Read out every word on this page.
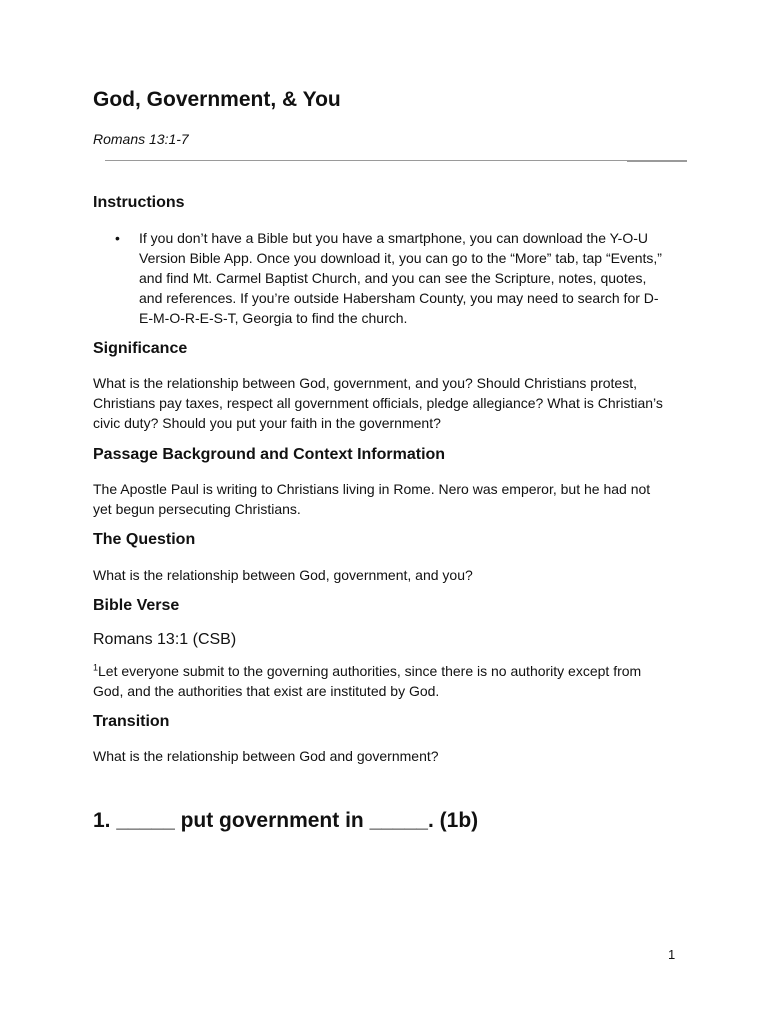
God, Government, & You
Romans 13:1-7
Instructions
• If you don’t have a Bible but you have a smartphone, you can download the Y-O-U Version Bible App. Once you download it, you can go to the “More” tab, tap “Events,” and find Mt. Carmel Baptist Church, and you can see the Scripture, notes, quotes, and references. If you’re outside Habersham County, you may need to search for D-E-M-O-R-E-S-T, Georgia to find the church.

Significance

What is the relationship between God, government, and you? Should Christians protest, Christians pay taxes, respect all government officials, pledge allegiance? What is Christian’s civic duty? Should you put your faith in the government?

Passage Background and Context Information

The Apostle Paul is writing to Christians living in Rome. Nero was emperor, but he had not yet begun persecuting Christians.

The Question

What is the relationship between God, government, and you?

Bible Verse
Romans 13:1 (CSB)

$^1$Let everyone submit to the governing authorities, since there is no authority except from God, and the authorities that exist are instituted by God.

Transition

What is the relationship between God and government?

1. _____ put government in _____. (1b)
1
